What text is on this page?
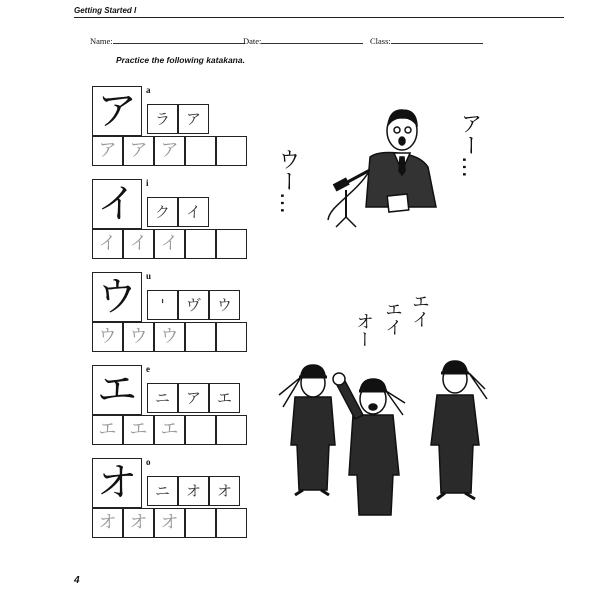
Getting Started I
Name:	Date:	Class:
Practice the following katakana.
ア	a
ラ	ア
ア ア ア
イ	i
ク	イ
イ イ イ
ウ	u
'	ヴ	ウ
ウ ウ ウ
エ	e
ニ	ア	エ
エ エ エ
オ	o
ニ	オ	オ
オ オ オ
ウー…
アー…
オー エイ エイ
4
